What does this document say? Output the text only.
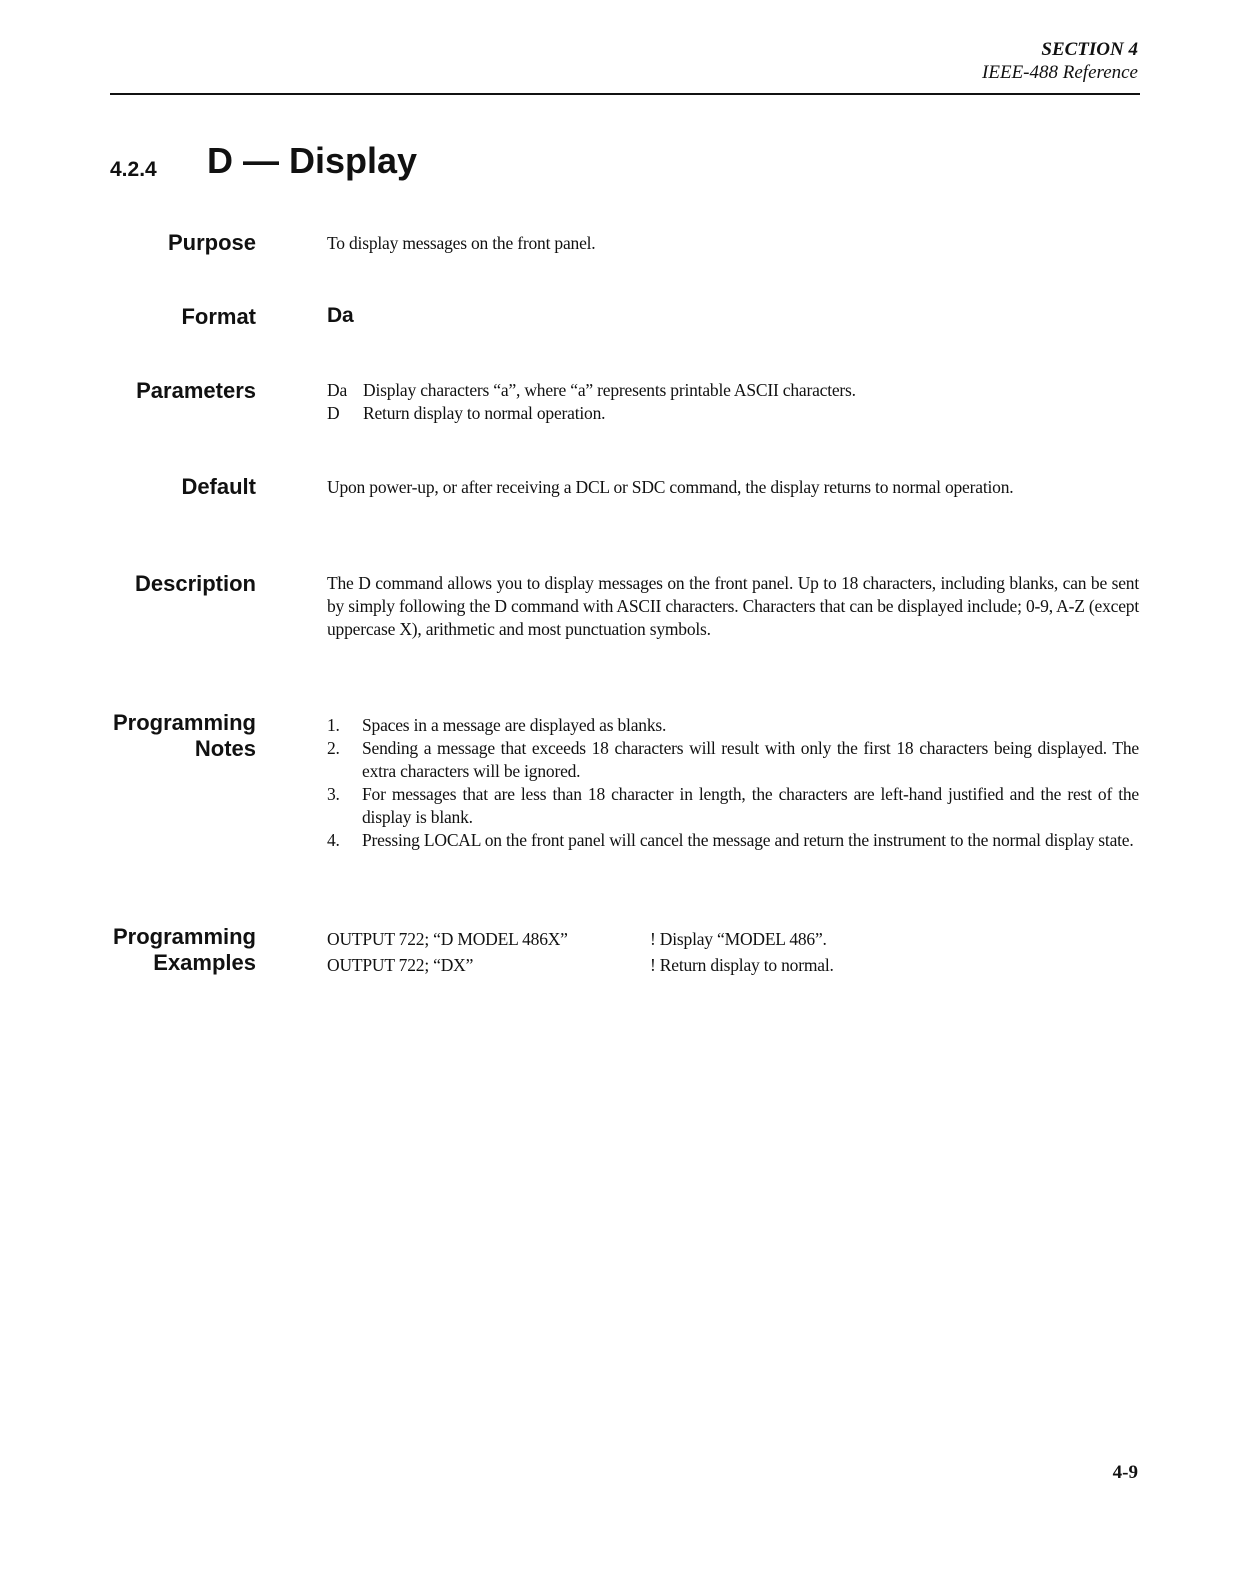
SECTION 4
IEEE-488 Reference
4.2.4 D — Display
Purpose	To display messages on the front panel.
Format	Da
Parameters	Da Display characters “a”, where “a” represents printable ASCII characters.
D	Return display to normal operation.
Default	Upon power-up, or after receiving a DCL or SDC command, the display returns to normal operation.
Description	The D command allows you to display messages on the front panel. Up to 18 characters, including blanks, can be sent by simply following the D command with ASCII characters. Characters that can be displayed include; 0-9, A-Z (except uppercase X), arithmetic and most punctuation symbols.
Programming
Notes
1.	Spaces in a message are displayed as blanks.
2.	Sending a message that exceeds 18 characters will result with only the first 18 characters being displayed. The extra characters will be ignored.
3.	For messages that are less than 18 character in length, the characters are left-hand justified and the rest of the display is blank.
4.	Pressing LOCAL on the front panel will cancel the message and return the instrument to the normal display state.
Programming
Examples
OUTPUT 722; “D MODEL 486X”	! Display “MODEL 486”.
OUTPUT 722; “DX”	! Return display to normal.
4-9
